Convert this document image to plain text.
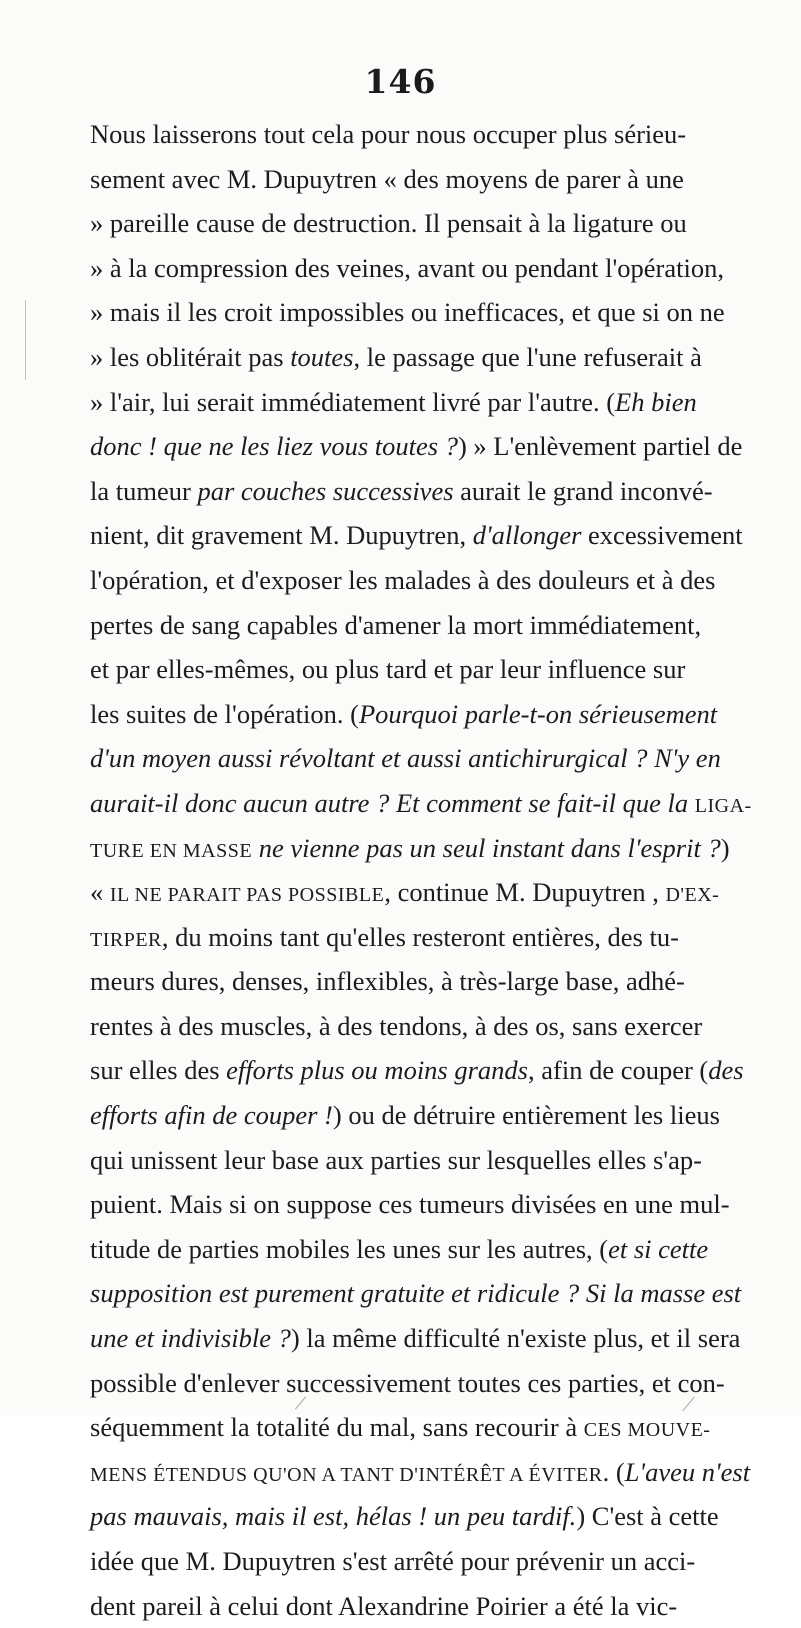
146
Nous laisserons tout cela pour nous occuper plus sérieu-
sement avec M. Dupuytren « des moyens de parer à une
» pareille cause de destruction. Il pensait à la ligature ou
» à la compression des veines, avant ou pendant l'opération,
» mais il les croit impossibles ou inefficaces, et que si on ne
» les oblitérait pas toutes, le passage que l'une refuserait à
» l'air, lui serait immédiatement livré par l'autre. (Eh bien
donc ! que ne les liez vous toutes ?) » L'enlèvement partiel de
la tumeur par couches successives aurait le grand inconvé-
nient, dit gravement M. Dupuytren, d'allonger excessivement
l'opération, et d'exposer les malades à des douleurs et à des
pertes de sang capables d'amener la mort immédiatement,
et par elles-mêmes, ou plus tard et par leur influence sur
les suites de l'opération. (Pourquoi parle-t-on sérieusement
d'un moyen aussi révoltant et aussi antichirurgical ? N'y en
aurait-il donc aucun autre ? Et comment se fait-il que la LIGA-
TURE EN MASSE ne vienne pas un seul instant dans l'esprit ?)
« IL NE PARAIT PAS POSSIBLE, continue M. Dupuytren , D'EX-
TIRPER, du moins tant qu'elles resteront entières, des tu-
meurs dures, denses, inflexibles, à très-large base, adhé-
rentes à des muscles, à des tendons, à des os, sans exercer
sur elles des efforts plus ou moins grands, afin de couper (des
efforts afin de couper !) ou de détruire entièrement les lieus
qui unissent leur base aux parties sur lesquelles elles s'ap-
puient. Mais si on suppose ces tumeurs divisées en une mul-
titude de parties mobiles les unes sur les autres, (et si cette
supposition est purement gratuite et ridicule ? Si la masse est
une et indivisible ?) la même difficulté n'existe plus, et il sera
possible d'enlever successivement toutes ces parties, et con-
séquemment la totalité du mal, sans recourir à CES MOUVE-
MENS ÉTENDUS QU'ON A TANT D'INTÉRÊT A ÉVITER. (L'aveu n'est
pas mauvais, mais il est, hélas ! un peu tardif.) C'est à cette
idée que M. Dupuytren s'est arrêté pour prévenir un acci-
dent pareil à celui dont Alexandrine Poirier a été la vic-
